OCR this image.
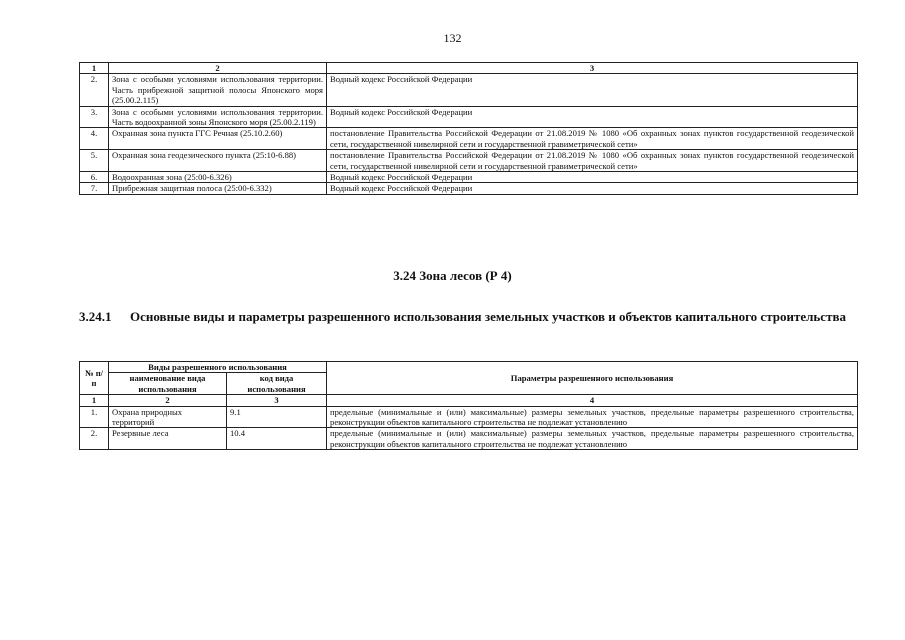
132
1	2	3
2.	Зона с особыми условиями использования территории. Часть прибрежной защитной полосы Японского моря (25.00.2.115)	Водный кодекс Российской Федерации
3.	Зона с особыми условиями использования территории. Часть водоохранной зоны Японского моря (25.00.2.119)	Водный кодекс Российской Федерации
4.	Охранная зона пункта ГГС Речная (25.10.2.60)	постановление Правительства Российской Федерации от 21.08.2019 № 1080 «Об охранных зонах пунктов государственной геодезической сети, государственной нивелирной сети и государственной гравиметрической сети»
5.	Охранная зона геодезического пункта (25:10-6.88)	постановление Правительства Российской Федерации от 21.08.2019 № 1080 «Об охранных зонах пунктов государственной геодезической сети, государственной нивелирной сети и государственной гравиметрической сети»
6.	Водоохранная зона (25:00-6.326)	Водный кодекс Российской Федерации
7.	Прибрежная защитная полоса (25:00-6.332)	Водный кодекс Российской Федерации
3.24 Зона лесов (Р 4)
3.24.1 Основные виды и параметры разрешенного использования земельных участков и объектов капитального строительства
№ п/п	Виды разрешенного использования		Параметры разрешенного использования
	наименование вида использования	код вида использования	
1	2	3	4
1.	Охрана природных территорий	9.1	предельные (минимальные и (или) максимальные) размеры земельных участков, предельные параметры разрешенного строительства, реконструкции объектов капитального строительства не подлежат установлению
2.	Резервные леса	10.4	предельные (минимальные и (или) максимальные) размеры земельных участков, предельные параметры разрешенного строительства, реконструкции объектов капитального строительства не подлежат установлению
